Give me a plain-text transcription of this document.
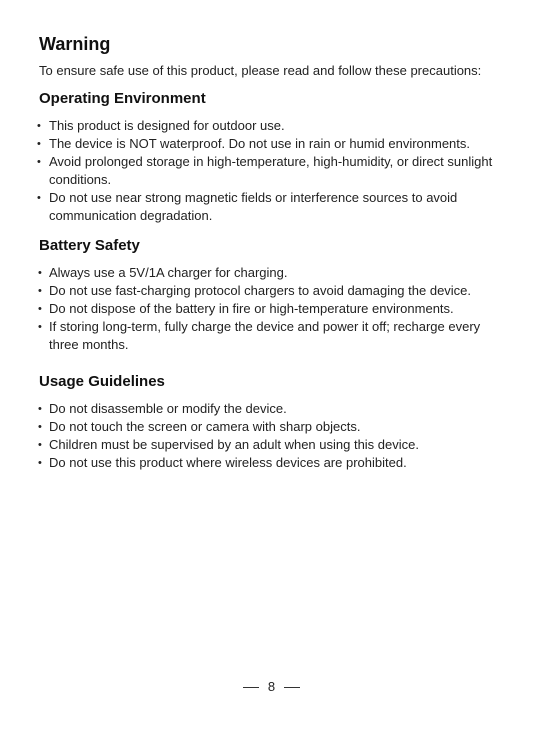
Warning
To ensure safe use of this product, please read and follow these precautions:
Operating Environment
• This product is designed for outdoor use.
• The device is NOT waterproof. Do not use in rain or humid environments.
• Avoid prolonged storage in high-temperature, high-humidity, or direct sunlight conditions.
• Do not use near strong magnetic fields or interference sources to avoid communication degradation.
Battery Safety
• Always use a 5V/1A charger for charging.
• Do not use fast-charging protocol chargers to avoid damaging the device.
• Do not dispose of the battery in fire or high-temperature environments.
• If storing long-term, fully charge the device and power it off; recharge every three months.
Usage Guidelines
• Do not disassemble or modify the device.
• Do not touch the screen or camera with sharp objects.
• Children must be supervised by an adult when using this device.
• Do not use this product where wireless devices are prohibited.
8
